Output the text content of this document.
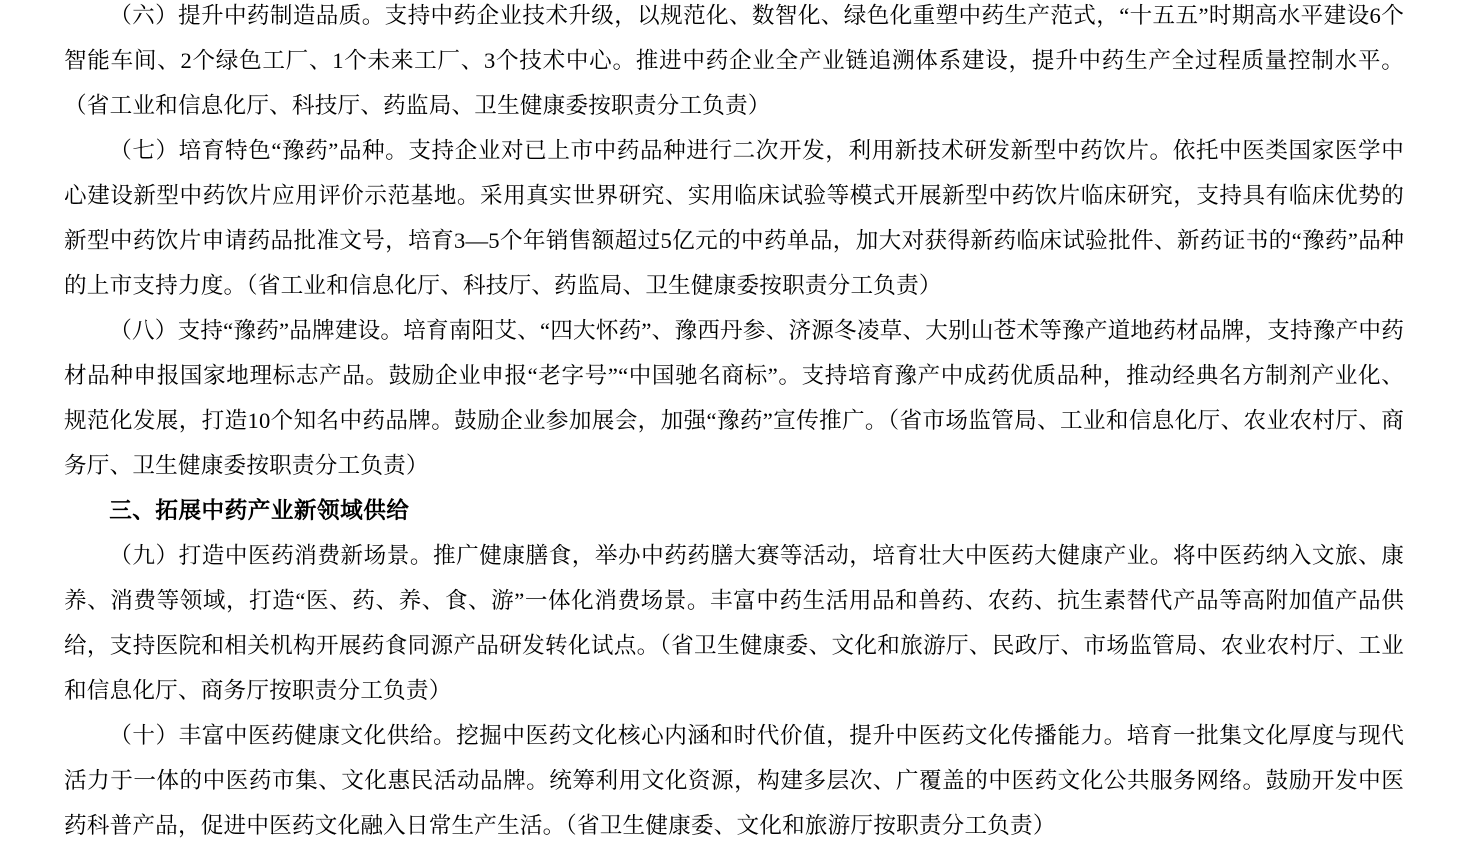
（六）提升中药制造品质。支持中药企业技术升级，以规范化、数智化、绿色化重塑中药生产范式，“十五五”时期高水平建设6个智能车间、2个绿色工厂、1个未来工厂、3个技术中心。推进中药企业全产业链追溯体系建设，提升中药生产全过程质量控制水平。（省工业和信息化厅、科技厅、药监局、卫生健康委按职责分工负责）

（七）培育特色“豫药”品种。支持企业对已上市中药品种进行二次开发，利用新技术研发新型中药饮片。依托中医类国家医学中心建设新型中药饮片应用评价示范基地。采用真实世界研究、实用临床试验等模式开展新型中药饮片临床研究，支持具有临床优势的新型中药饮片申请药品批准文号，培育3—5个年销售额超过5亿元的中药单品，加大对获得新药临床试验批件、新药证书的“豫药”品种的上市支持力度。（省工业和信息化厅、科技厅、药监局、卫生健康委按职责分工负责）

（八）支持“豫药”品牌建设。培育南阳艾、“四大怀药”、豫西丹参、济源冬凌草、大别山苍术等豫产道地药材品牌，支持豫产中药材品种申报国家地理标志产品。鼓励企业申报“老字号”“中国驰名商标”。支持培育豫产中成药优质品种，推动经典名方制剂产业化、规范化发展，打造10个知名中药品牌。鼓励企业参加展会，加强“豫药”宣传推广。（省市场监管局、工业和信息化厅、农业农村厅、商务厅、卫生健康委按职责分工负责）

三、拓展中药产业新领域供给

（九）打造中医药消费新场景。推广健康膳食，举办中药药膳大赛等活动，培育壮大中医药大健康产业。将中医药纳入文旅、康养、消费等领域，打造“医、药、养、食、游”一体化消费场景。丰富中药生活用品和兽药、农药、抗生素替代产品等高附加值产品供给，支持医院和相关机构开展药食同源产品研发转化试点。（省卫生健康委、文化和旅游厅、民政厅、市场监管局、农业农村厅、工业和信息化厅、商务厅按职责分工负责）

（十）丰富中医药健康文化供给。挖掘中医药文化核心内涵和时代价值，提升中医药文化传播能力。培育一批集文化厚度与现代活力于一体的中医药市集、文化惠民活动品牌。统筹利用文化资源，构建多层次、广覆盖的中医药文化公共服务网络。鼓励开发中医药科普产品，促进中医药文化融入日常生产生活。（省卫生健康委、文化和旅游厅按职责分工负责）
